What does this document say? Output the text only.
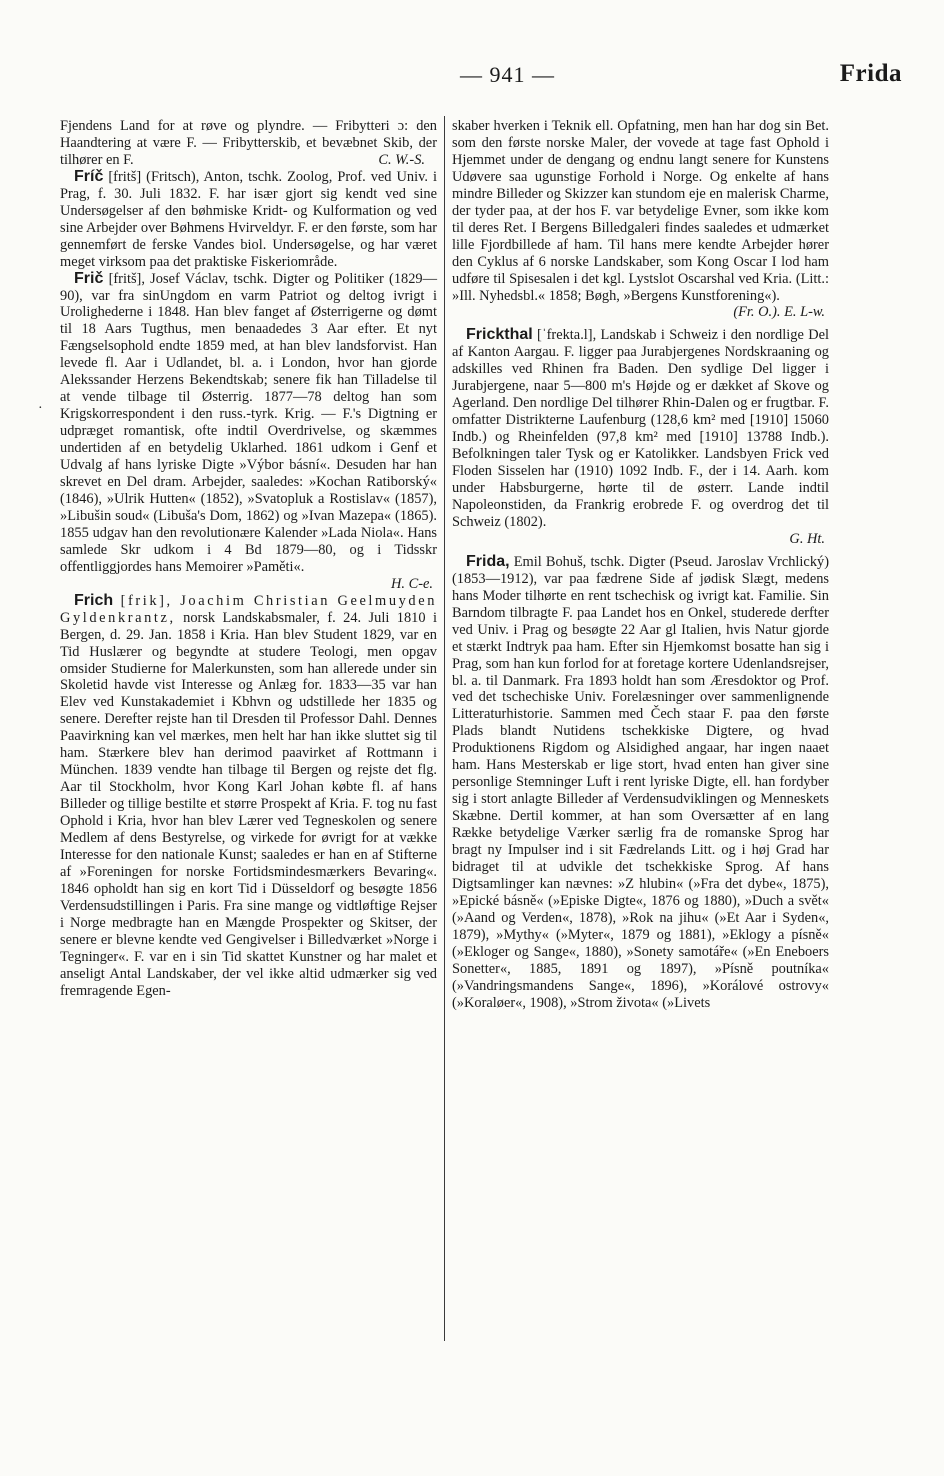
— 941 —	Frida
·

Fjendens Land for at røve og plyndre. — Fribytteri ɔ: den Haandtering at være F. — Fribytterskib, et bevæbnet Skib, der tilhører en F.	C. W.-S.

Fríč [fritš] (Fritsch), Anton, tschk. Zoolog, Prof. ved Univ. i Prag, f. 30. Juli 1832. F. har især gjort sig kendt ved sine Undersøgelser af den bøhmiske Kridt- og Kulformation og ved sine Arbejder over Bøhmens Hvirveldyr. F. er den første, som har gennemført de ferske Vandes biol. Undersøgelse, og har været meget virksom paa det praktiske Fiskeriområde.

Frič [fritš], Josef Václav, tschk. Digter og Politiker (1829—90), var fra sinUngdom en varm Patriot og deltog ivrigt i Urolighederne i 1848. Han blev fanget af Østerrigerne og dømt til 18 Aars Tugthus, men benaadedes 3 Aar efter. Et nyt Fængselsophold endte 1859 med, at han blev landsforvist. Han levede fl. Aar i Udlandet, bl. a. i London, hvor han gjorde Alekssander Herzens Bekendtskab; senere fik han Tilladelse til at vende tilbage til Østerrig. 1877—78 deltog han som Krigskorrespondent i den russ.-tyrk. Krig. — F.'s Digtning er udpræget romantisk, ofte indtil Overdrivelse, og skæmmes undertiden af en betydelig Uklarhed. 1861 udkom i Genf et Udvalg af hans lyriske Digte »Výbor básní«. Desuden har han skrevet en Del dram. Arbejder, saaledes: »Kochan Ratiborský« (1846), »Ulrik Hutten« (1852), »Svatopluk a Rostislav« (1857), »Libušin soud« (Libuša's Dom, 1862) og »Ivan Mazepa« (1865). 1855 udgav han den revolutionære Kalender »Lada Niola«. Hans samlede Skr udkom i 4 Bd 1879—80, og i Tidsskr offentliggjordes hans Memoirer »Paměti«.

H. C-e.

Frich [frik], Joachim Christian Geelmuyden Gyldenkrantz, norsk Landskabsmaler, f. 24. Juli 1810 i Bergen, d. 29. Jan. 1858 i Kria. Han blev Student 1829, var en Tid Huslærer og begyndte at studere Teologi, men opgav omsider Studierne for Malerkunsten, som han allerede under sin Skoletid havde vist Interesse og Anlæg for. 1833—35 var han Elev ved Kunstakademiet i Kbhvn og udstillede her 1835 og senere. Derefter rejste han til Dresden til Professor Dahl. Dennes Paavirkning kan vel mærkes, men helt har han ikke sluttet sig til ham. Stærkere blev han derimod paavirket af Rottmann i München. 1839 vendte han tilbage til Bergen og rejste det flg. Aar til Stockholm, hvor Kong Karl Johan købte fl. af hans Billeder og tillige bestilte et større Prospekt af Kria. F. tog nu fast Ophold i Kria, hvor han blev Lærer ved Tegneskolen og senere Medlem af dens Bestyrelse, og virkede for øvrigt for at vække Interesse for den nationale Kunst; saaledes er han en af Stifterne af »Foreningen for norske Fortidsmindesmærkers Bevaring«. 1846 opholdt han sig en kort Tid i Düsseldorf og besøgte 1856 Verdensudstillingen i Paris. Fra sine mange og vidtløftige Rejser i Norge medbragte han en Mængde Prospekter og Skitser, der senere er blevne kendte ved Gengivelser i Billedværket »Norge i Tegninger«. F. var en i sin Tid skattet Kunstner og har malet et anseligt Antal Landskaber, der vel ikke altid udmærker sig ved fremragende Egen-

skaber hverken i Teknik ell. Opfatning, men han har dog sin Bet. som den første norske Maler, der vovede at tage fast Ophold i Hjemmet under de dengang og endnu langt senere for Kunstens Udøvere saa ugunstige Forhold i Norge. Og enkelte af hans mindre Billeder og Skizzer kan stundom eje en malerisk Charme, der tyder paa, at der hos F. var betydelige Evner, som ikke kom til deres Ret. I Bergens Billedgaleri findes saaledes et udmærket lille Fjordbillede af ham. Til hans mere kendte Arbejder hører den Cyklus af 6 norske Landskaber, som Kong Oscar I lod ham udføre til Spisesalen i det kgl. Lystslot Oscarshal ved Kria. (Litt.: »Ill. Nyhedsbl.« 1858; Bøgh, »Bergens Kunstforening«).

(Fr. O.). E. L-w.

Frickthal [ˈfrekta.l], Landskab i Schweiz i den nordlige Del af Kanton Aargau. F. ligger paa Jurabjergenes Nordskraaning og adskilles ved Rhinen fra Baden. Den sydlige Del ligger i Jurabjergene, naar 5—800 m's Højde og er dækket af Skove og Agerland. Den nordlige Del tilhører Rhin-Dalen og er frugtbar. F. omfatter Distrikterne Laufenburg (128,6 km² med [1910] 15060 Indb.) og Rheinfelden (97,8 km² med [1910] 13788 Indb.). Befolkningen taler Tysk og er Katolikker. Landsbyen Frick ved Floden Sisselen har (1910) 1092 Indb. F., der i 14. Aarh. kom under Habsburgerne, hørte til de østerr. Lande indtil Napoleonstiden, da Frankrig erobrede F. og overdrog det til Schweiz (1802).

G. Ht.

Frida, Emil Bohuš, tschk. Digter (Pseud. Jaroslav Vrchlický) (1853—1912), var paa fædrene Side af jødisk Slægt, medens hans Moder tilhørte en rent tschechisk og ivrigt kat. Familie. Sin Barndom tilbragte F. paa Landet hos en Onkel, studerede derfter ved Univ. i Prag og besøgte 22 Aar gl Italien, hvis Natur gjorde et stærkt Indtryk paa ham. Efter sin Hjemkomst bosatte han sig i Prag, som han kun forlod for at foretage kortere Udenlandsrejser, bl. a. til Danmark. Fra 1893 holdt han som Æresdoktor og Prof. ved det tschechiske Univ. Forelæsninger over sammenlignende Litteraturhistorie. Sammen med Čech staar F. paa den første Plads blandt Nutidens tschekkiske Digtere, og hvad Produktionens Rigdom og Alsidighed angaar, har ingen naaet ham. Hans Mesterskab er lige stort, hvad enten han giver sine personlige Stemninger Luft i rent lyriske Digte, ell. han fordyber sig i stort anlagte Billeder af Verdensudviklingen og Menneskets Skæbne. Dertil kommer, at han som Oversætter af en lang Række betydelige Værker særlig fra de romanske Sprog har bragt ny Impulser ind i sit Fædrelands Litt. og i høj Grad har bidraget til at udvikle det tschekkiske Sprog. Af hans Digtsamlinger kan nævnes: »Z hlubin« (»Fra det dybe«, 1875), »Epické básně« (»Episke Digte«, 1876 og 1880), »Duch a svět« (»Aand og Verden«, 1878), »Rok na jihu« (»Et Aar i Syden«, 1879), »Mythy« (»Myter«, 1879 og 1881), »Eklogy a písně« (»Ekloger og Sange«, 1880), »Sonety samotáře« (»En Eneboers Sonetter«, 1885, 1891 og 1897), »Písně poutníka« (»Vandringsmandens Sange«, 1896), »Korálové ostrovy« (»Koraløer«, 1908), »Strom života« (»Livets
